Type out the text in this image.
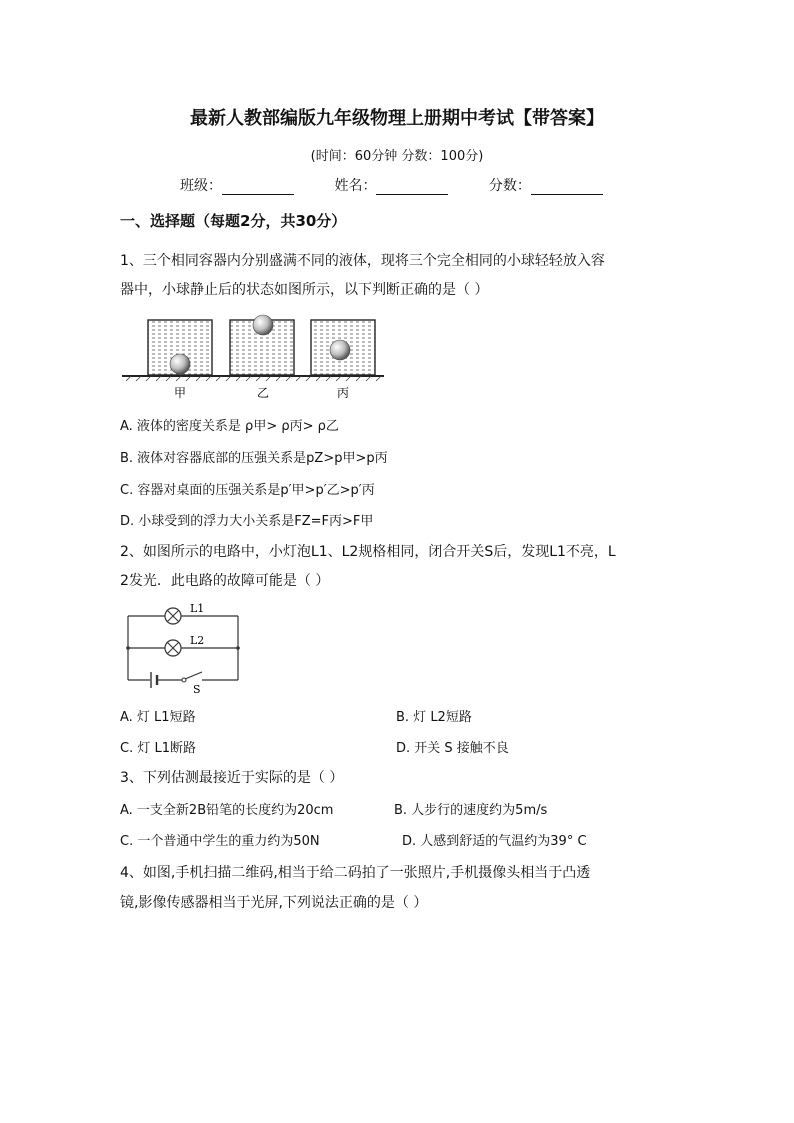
最新人教部编版九年级物理上册期中考试【带答案】
(时间：60分钟 分数：100分)
班级：	姓名：	分数：
一、选择题（每题2分，共30分）
1、三个相同容器内分别盛满不同的液体，现将三个完全相同的小球轻轻放入容
器中，小球静止后的状态如图所示，以下判断正确的是（ ）
甲	乙	丙
A. 液体的密度关系是 ρ甲> ρ丙> ρ乙
B. 液体对容器底部的压强关系是pZ>p甲>p丙
C. 容器对桌面的压强关系是p′甲>p′乙>p′丙
D. 小球受到的浮力大小关系是FZ=F丙>F甲
2、如图所示的电路中，小灯泡L1、L2规格相同，闭合开关S后，发现L1不亮，L
2发光．此电路的故障可能是（ ）
L1
L2
S
A. 灯 L1短路	B. 灯 L2短路
C. 灯 L1断路	D. 开关 S 接触不良
3、下列估测最接近于实际的是（ ）
A. 一支全新2B铅笔的长度约为20cm	B. 人步行的速度约为5m/s
C. 一个普通中学生的重力约为50N	D. 人感到舒适的气温约为39° C
4、如图,手机扫描二维码,相当于给二码拍了一张照片,手机摄像头相当于凸透
镜,影像传感器相当于光屏,下列说法正确的是（ ）
